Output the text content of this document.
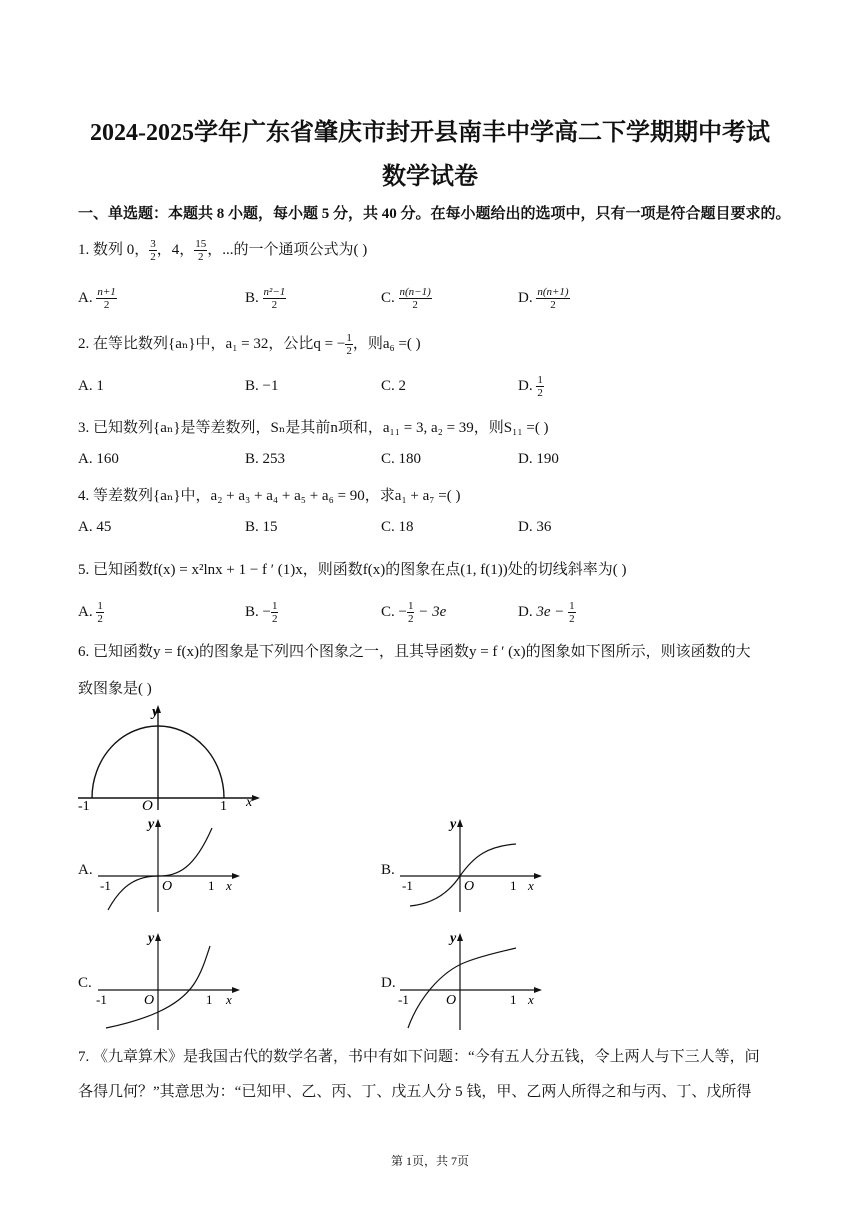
2024-2025学年广东省肇庆市封开县南丰中学高二下学期期中考试
数学试卷
一、单选题：本题共 8 小题，每小题 5 分，共 40 分。在每小题给出的选项中，只有一项是符合题目要求的。
1. 数列 0， $\frac{3}{2}$ ，4， $\frac{15}{2}$ ，...的一个通项公式为( )
A. $\frac{n+1}{2}$	B. $\frac{\text{n²−1}}{2}$	C. $\frac{n(n-1)}{2}$	D. $\frac{n(n+1)}{2}$
2. 在等比数列{aₙ}中，a₁ = 32，公比q = − $\frac{1}{2}$ ，则a₆ =( )
A. 1	B. −1	C. 2	D. $\frac{1}{2}$
3. 已知数列{aₙ}是等差数列，Sₙ是其前n项和，a₁₁ = 3, a₂ = 39，则S₁₁ =( )
A. 160	B. 253	C. 180	D. 190
4. 等差数列{aₙ}中，a₂ + a₃ + a₄ + a₅ + a₆ = 90，求a₁ + a₇ =( )
A. 45	B. 15	C. 18	D. 36
5. 已知函数f(x) = x²lnx + 1 − f ′ (1)x，则函数f(x)的图象在点(1, f(1))处的切线斜率为( )
A. $\frac{1}{2}$	B. − $\frac{1}{2}$	C. − $\frac{1}{2} - 3e$	D. $3e - \frac{1}{2}$
6. 已知函数y = f(x)的图象是下列四个图象之一，且其导函数y = f ′ (x)的图象如下图所示，则该函数的大
致图象是( )
y
x
O
-1	1
A.
y
x
O
-1	1
B.
y
x
O
-1	1
C.
y
x
O
-1	1
D.
y
x
O
-1	1
7. 《九章算术》是我国古代的数学名著，书中有如下问题：“今有五人分五钱，令上两人与下三人等，问
各得几何？”其意思为：“已知甲、乙、丙、丁、戊五人分 5 钱，甲、乙两人所得之和与丙、丁、戊所得
第 1页，共 7页
